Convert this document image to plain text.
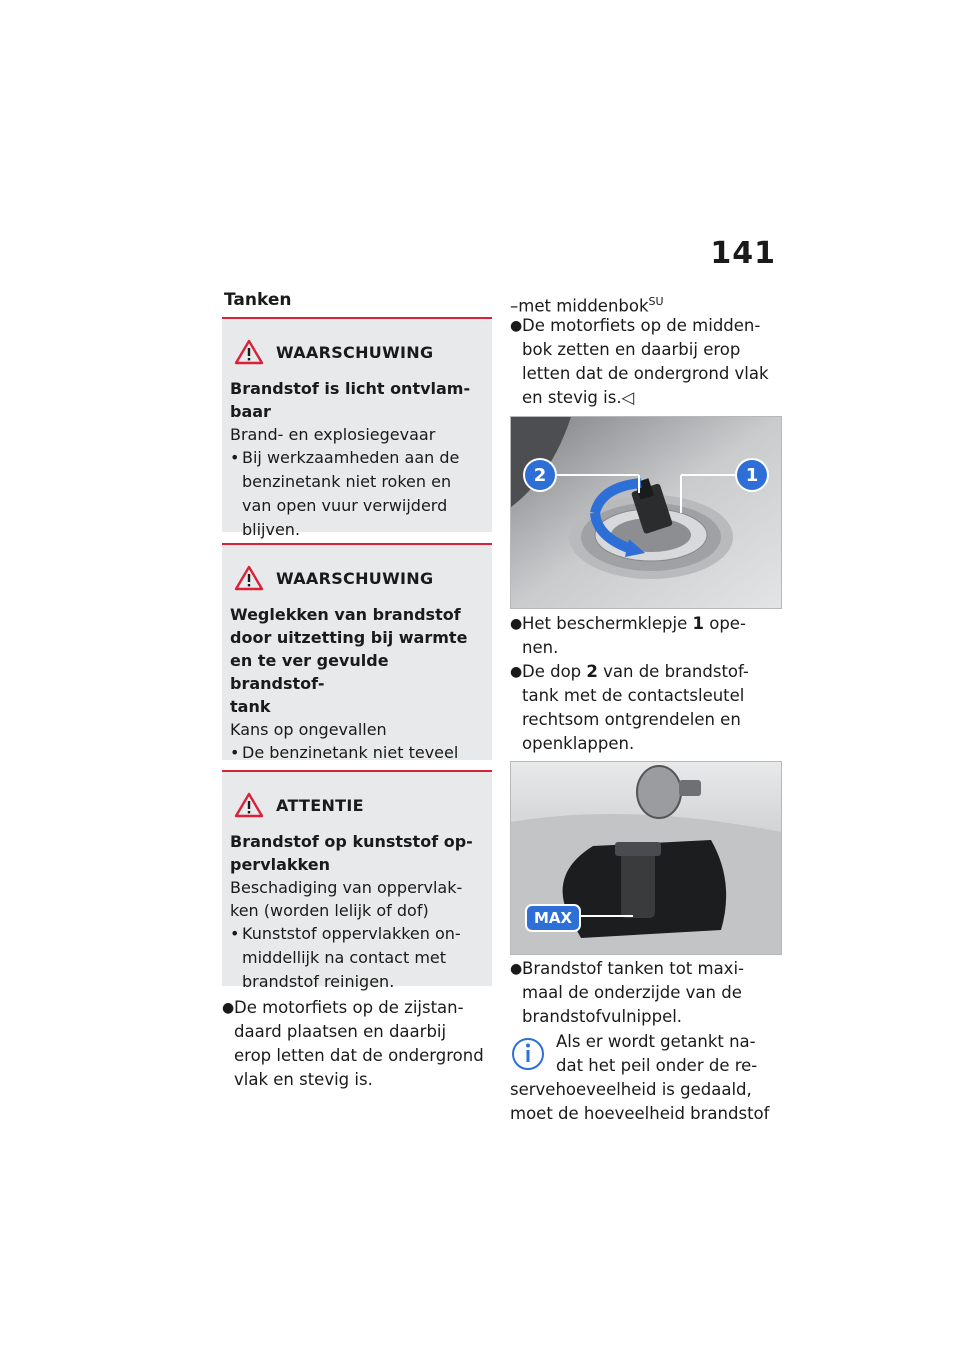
141
Tanken
WAARSCHUWING
Brandstof is licht ontvlam-
baar
Brand- en explosiegevaar
• Bij werkzaamheden aan de
benzinetank niet roken en
van open vuur verwijderd
blijven.
WAARSCHUWING
Weglekken van brandstof
door uitzetting bij warmte
en te ver gevulde brandstof-
tank
Kans op ongevallen
• De benzinetank niet teveel
ATTENTIE
Brandstof op kunststof op-
pervlakken
Beschadiging van oppervlak-
ken (worden lelijk of dof)
• Kunststof oppervlakken on-
middellijk na contact met
brandstof reinigen.
● De motorfiets op de zijstan-
daard plaatsen en daarbij
erop letten dat de ondergrond
vlak en stevig is.
–met middenbok$^{SU}$
● De motorfiets op de midden-
bok zetten en daarbij erop
letten dat de ondergrond vlak
en stevig is.◁
2	1
● Het beschermklepje 1 ope-
nen.
● De dop 2 van de brandstof-
tank met de contactsleutel
rechtsom ontgrendelen en
openklappen.
MAX
● Brandstof tanken tot maxi-
maal de onderzijde van de
brandstofvulnippel.
Als er wordt getankt na-
dat het peil onder de re-
servehoeveelheid is gedaald,
moet de hoeveelheid brandstof
